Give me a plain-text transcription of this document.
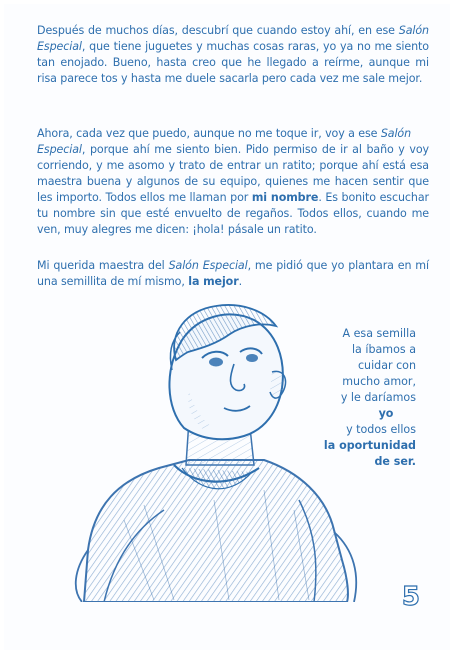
Después de muchos días, descubrí que cuando estoy ahí, en ese Salón Especial, que tiene juguetes y muchas cosas raras, yo ya no me siento tan enojado. Bueno, hasta creo que he llegado a reírme, aunque mi risa parece tos y hasta me duele sacarla pero cada vez me sale mejor.

Ahora, cada vez que puedo, aunque no me toque ir, voy a ese Salón
Especial, porque ahí me siento bien. Pido permiso de ir al baño y voy corriendo, y me asomo y trato de entrar un ratito; porque ahí está esa maestra buena y algunos de su equipo, quienes me hacen sentir que les importo. Todos ellos me llaman por mi nombre. Es bonito escuchar tu nombre sin que esté envuelto de regaños. Todos ellos, cuando me ven, muy alegres me dicen: ¡hola! pásale un ratito.

Mi querida maestra del Salón Especial, me pidió que yo plantara en mí una semillita de mí mismo, la mejor.

A esa semilla
la íbamos a
cuidar con
mucho amor,
y le daríamos
yo
y todos ellos
la oportunidad
de ser.
5
